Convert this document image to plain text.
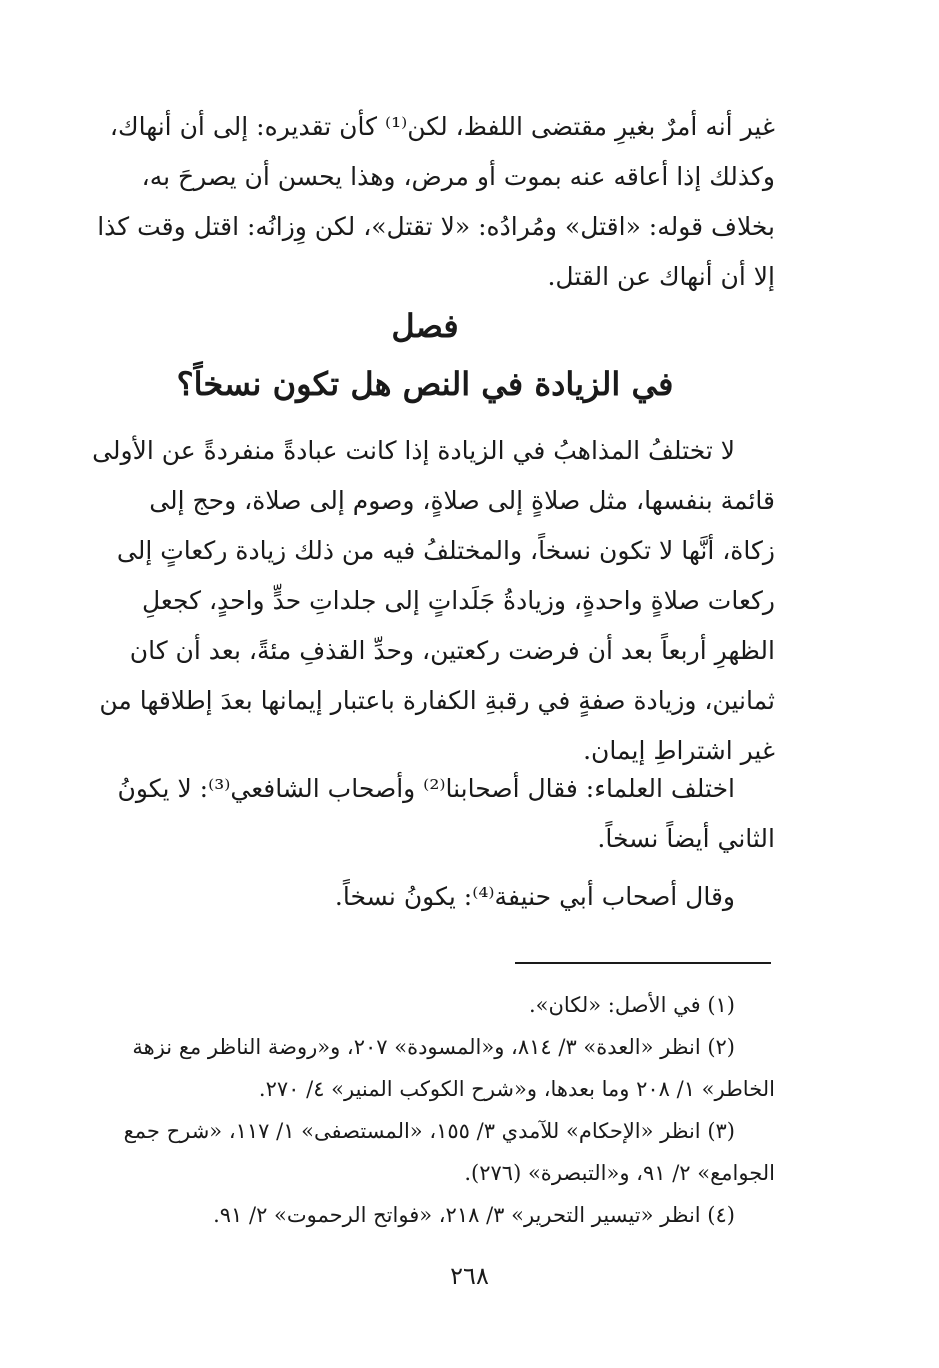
غير أنه أمرٌ بغيرِ مقتضى اللفظ، لكن⁽¹⁾ كأن تقديره: إلى أن أنهاك،
وكذلك إذا أعاقه عنه بموت أو مرض، وهذا يحسن أن يصرحَ به،
بخلاف قوله: «اقتل» ومُرادُه: «لا تقتل»، لكن وِزانُه: اقتل وقت كذا
إلا أن أنهاك عن القتل.
فصل
في الزيادة في النص هل تكون نسخاً؟
لا تختلفُ المذاهبُ في الزيادة إذا كانت عبادةً منفردةً عن الأولى
قائمة بنفسها، مثل صلاةٍ إلى صلاةٍ، وصوم إلى صلاة، وحج إلى
زكاة، أنَّها لا تكون نسخاً، والمختلفُ فيه من ذلك زيادة ركعاتٍ إلى
ركعات صلاةٍ واحدةٍ، وزيادةُ جَلَداتٍ إلى جلداتِ حدٍّ واحدٍ، كجعلِ
الظهرِ أربعاً بعد أن فرضت ركعتين، وحدِّ القذفِ مئةً، بعد أن كان
ثمانين، وزيادة صفةٍ في رقبةِ الكفارة باعتبار إيمانها بعدَ إطلاقها من
غير اشتراطِ إيمان.
اختلف العلماء: فقال أصحابنا⁽²⁾ وأصحاب الشافعي⁽³⁾: لا يكونُ
الثاني أيضاً نسخاً.
وقال أصحاب أبي حنيفة⁽⁴⁾: يكونُ نسخاً.
(١) في الأصل: «لكان».
(٢) انظر «العدة» ٣/ ٨١٤، و«المسودة» ٢٠٧، و«روضة الناظر مع نزهة
الخاطر» ١/ ٢٠٨ وما بعدها، و«شرح الكوكب المنير» ٤/ ٢٧٠.
(٣) انظر «الإحكام» للآمدي ٣/ ١٥٥، «المستصفى» ١/ ١١٧، «شرح جمع
الجوامع» ٢/ ٩١، و«التبصرة» (٢٧٦).
(٤) انظر «تيسير التحرير» ٣/ ٢١٨، «فواتح الرحموت» ٢/ ٩١.
٢٦٨
